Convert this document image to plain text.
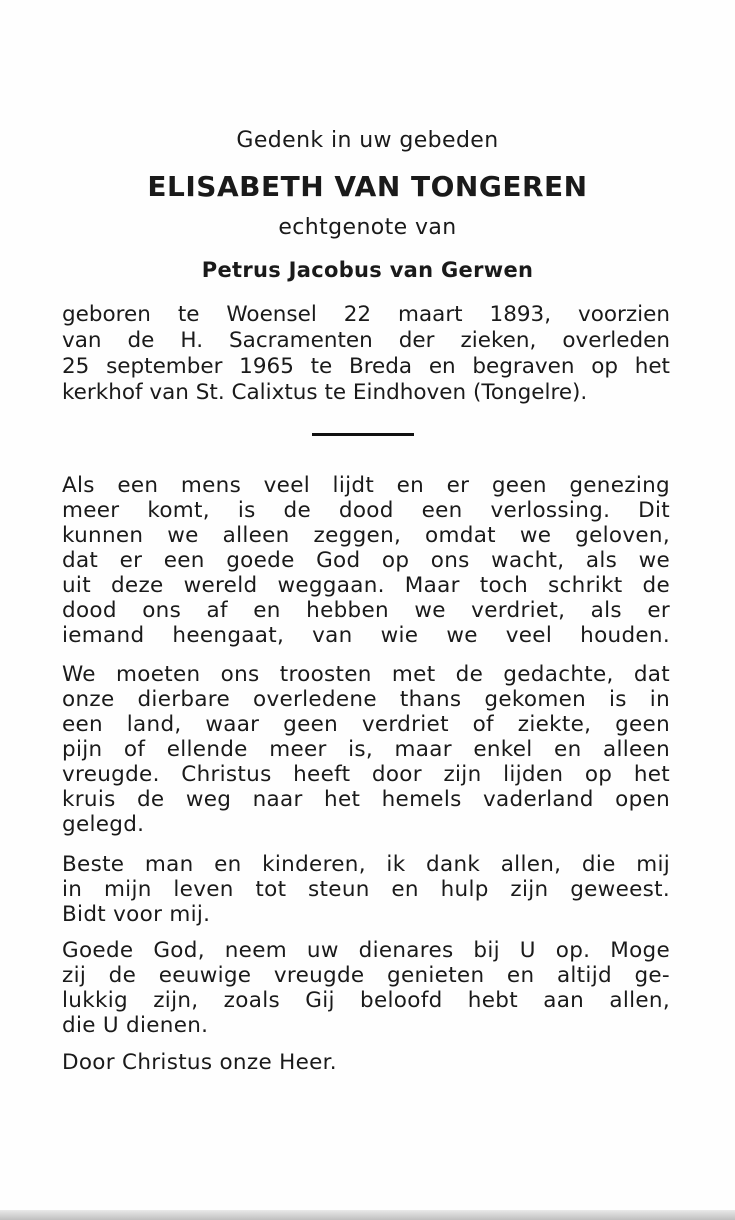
Gedenk in uw gebeden
ELISABETH VAN TONGEREN
echtgenote van
Petrus Jacobus van Gerwen
geboren te Woensel 22 maart 1893, voorzien
van de H. Sacramenten der zieken, overleden
25 september 1965 te Breda en begraven op het
kerkhof van St. Calixtus te Eindhoven (Tongelre).
Als een mens veel lijdt en er geen genezing
meer komt, is de dood een verlossing. Dit
kunnen we alleen zeggen, omdat we geloven,
dat er een goede God op ons wacht, als we
uit deze wereld weggaan. Maar toch schrikt de
dood ons af en hebben we verdriet, als er
iemand heengaat, van wie we veel houden.
We moeten ons troosten met de gedachte, dat
onze dierbare overledene thans gekomen is in
een land, waar geen verdriet of ziekte, geen
pijn of ellende meer is, maar enkel en alleen
vreugde. Christus heeft door zijn lijden op het
kruis de weg naar het hemels vaderland open
gelegd.
Beste man en kinderen, ik dank allen, die mij
in mijn leven tot steun en hulp zijn geweest.
Bidt voor mij.
Goede God, neem uw dienares bij U op. Moge
zij de eeuwige vreugde genieten en altijd ge-
lukkig zijn, zoals Gij beloofd hebt aan allen,
die U dienen.
Door Christus onze Heer.
